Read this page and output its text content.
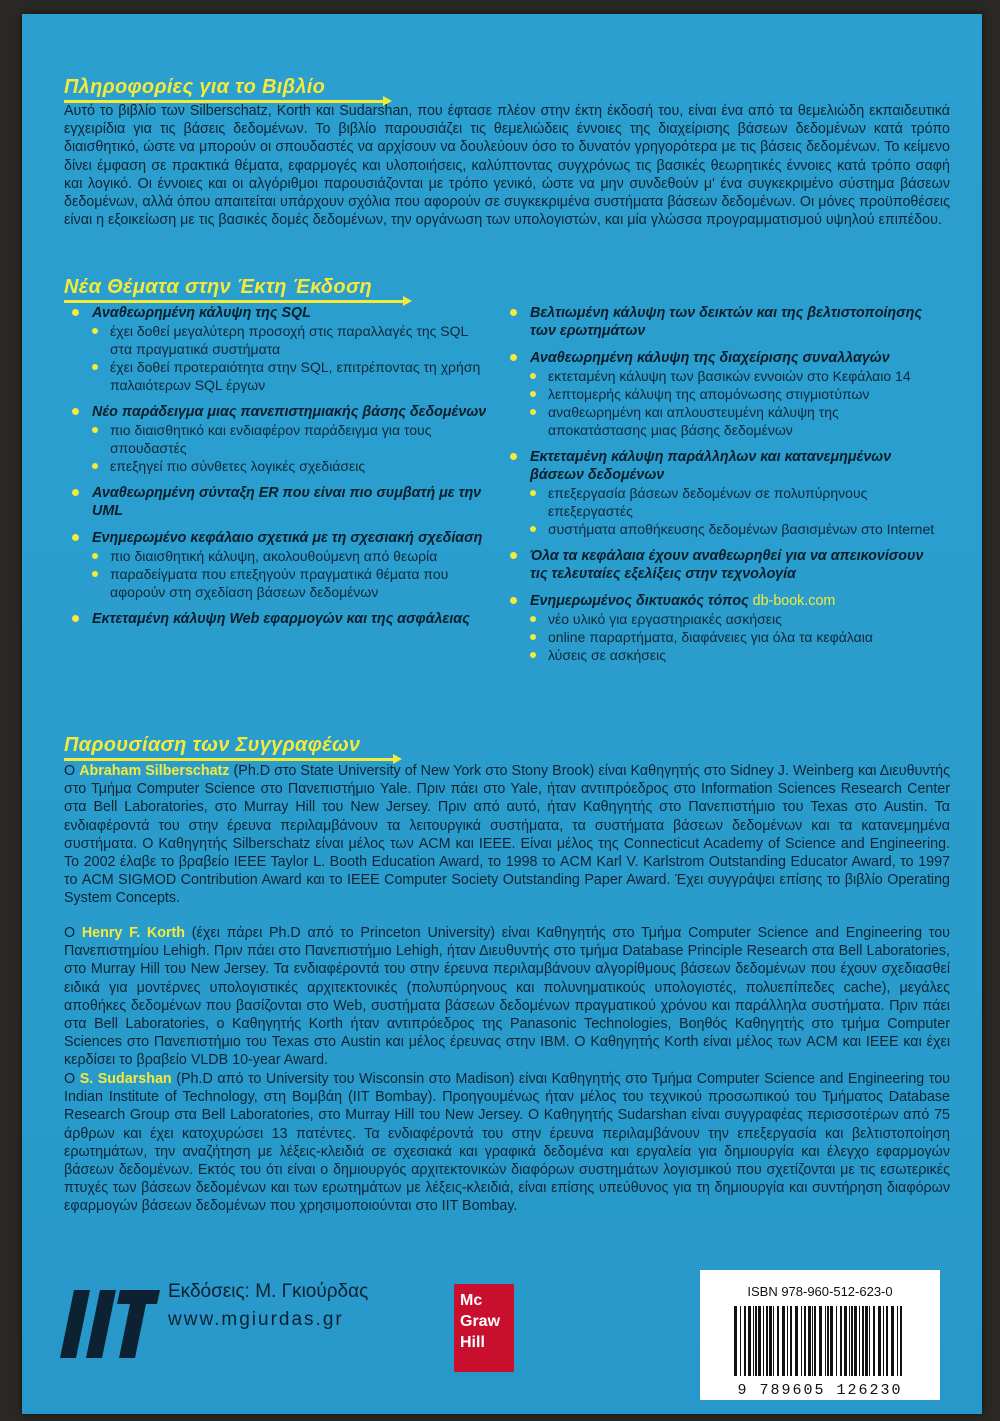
Πληροφορίες για το Βιβλίο
Αυτό το βιβλίο των Silberschatz, Korth και Sudarshan, που έφτασε πλέον στην έκτη έκδοσή του, είναι ένα από τα θεμελιώδη εκπαιδευτικά εγχειρίδια για τις βάσεις δεδομένων. Το βιβλίο παρουσιάζει τις θεμελιώδεις έννοιες της διαχείρισης βάσεων δεδομένων κατά τρόπο διαισθητικό, ώστε να μπορούν οι σπουδαστές να αρχίσουν να δουλεύουν όσο το δυνατόν γρηγορότερα με τις βάσεις δεδομένων. Το κείμενο δίνει έμφαση σε πρακτικά θέματα, εφαρμογές και υλοποιήσεις, καλύπτοντας συγχρόνως τις βασικές θεωρητικές έννοιες κατά τρόπο σαφή και λογικό. Οι έννοιες και οι αλγόριθμοι παρουσιάζονται με τρόπο γενικό, ώστε να μην συνδεθούν μ' ένα συγκεκριμένο σύστημα βάσεων δεδομένων, αλλά όπου απαιτείται υπάρχουν σχόλια που αφορούν σε συγκεκριμένα συστήματα βάσεων δεδομένων. Οι μόνες προϋποθέσεις είναι η εξοικείωση με τις βασικές δομές δεδομένων, την οργάνωση των υπολογιστών, και μία γλώσσα προγραμματισμού υψηλού επιπέδου.
Νέα Θέματα στην Έκτη Έκδοση
Αναθεωρημένη κάλυψη της SQL
έχει δοθεί μεγαλύτερη προσοχή στις παραλλαγές της SQL στα πραγματικά συστήματα
έχει δοθεί προτεραιότητα στην SQL, επιτρέποντας τη χρήση παλαιότερων SQL έργων
Νέο παράδειγμα μιας πανεπιστημιακής βάσης δεδομένων
πιο διαισθητικό και ενδιαφέρον παράδειγμα για τους σπουδαστές
επεξηγεί πιο σύνθετες λογικές σχεδιάσεις
Αναθεωρημένη σύνταξη ER που είναι πιο συμβατή με την UML
Ενημερωμένο κεφάλαιο σχετικά με τη σχεσιακή σχεδίαση
πιο διαισθητική κάλυψη, ακολουθούμενη από θεωρία
παραδείγματα που επεξηγούν πραγματικά θέματα που αφορούν στη σχεδίαση βάσεων δεδομένων
Εκτεταμένη κάλυψη Web εφαρμογών και της ασφάλειας
Βελτιωμένη κάλυψη των δεικτών και της βελτιστοποίησης των ερωτημάτων
Αναθεωρημένη κάλυψη της διαχείρισης συναλλαγών
εκτεταμένη κάλυψη των βασικών εννοιών στο Κεφάλαιο 14
λεπτομερής κάλυψη της απομόνωσης στιγμιοτύπων
αναθεωρημένη και απλουστευμένη κάλυψη της αποκατάστασης μιας βάσης δεδομένων
Εκτεταμένη κάλυψη παράλληλων και κατανεμημένων βάσεων δεδομένων
επεξεργασία βάσεων δεδομένων σε πολυπύρηνους επεξεργαστές
συστήματα αποθήκευσης δεδομένων βασισμένων στο Internet
Όλα τα κεφάλαια έχουν αναθεωρηθεί για να απεικονίσουν τις τελευταίες εξελίξεις στην τεχνολογία
Ενημερωμένος δικτυακός τόπος db-book.com
νέο υλικό για εργαστηριακές ασκήσεις
online παραρτήματα, διαφάνειες για όλα τα κεφάλαια
λύσεις σε ασκήσεις
Παρουσίαση των Συγγραφέων
Ο Abraham Silberschatz (Ph.D στο State University of New York στο Stony Brook) είναι Καθηγητής στο Sidney J. Weinberg και Διευθυντής στο Τμήμα Computer Science στο Πανεπιστήμιο Yale. Πριν πάει στο Yale, ήταν αντιπρόεδρος στο Information Sciences Research Center στα Bell Laboratories, στο Murray Hill του New Jersey. Πριν από αυτό, ήταν Καθηγητής στο Πανεπιστήμιο του Texas στο Austin. Τα ενδιαφέροντά του στην έρευνα περιλαμβάνουν τα λειτουργικά συστήματα, τα συστήματα βάσεων δεδομένων και τα κατανεμημένα συστήματα. Ο Καθηγητής Silberschatz είναι μέλος των ACM και IEEE. Είναι μέλος της Connecticut Academy of Science and Engineering. Το 2002 έλαβε το βραβείο IEEE Taylor L. Booth Education Award, το 1998 το ACM Karl V. Karlstrom Outstanding Educator Award, το 1997 το ACM SIGMOD Contribution Award και το IEEE Computer Society Outstanding Paper Award. Έχει συγγράψει επίσης το βιβλίο Operating System Concepts.
Ο Henry F. Korth (έχει πάρει Ph.D από το Princeton University) είναι Καθηγητής στο Τμήμα Computer Science and Engineering του Πανεπιστημίου Lehigh. Πριν πάει στο Πανεπιστήμιο Lehigh, ήταν Διευθυντής στο τμήμα Database Principle Research στα Bell Laboratories, στο Murray Hill του New Jersey. Τα ενδιαφέροντά του στην έρευνα περιλαμβάνουν αλγορίθμους βάσεων δεδομένων που έχουν σχεδιασθεί ειδικά για μοντέρνες υπολογιστικές αρχιτεκτονικές (πολυπύρηνους και πολυνηματικούς υπολογιστές, πολυεπίπεδες cache), μεγάλες αποθήκες δεδομένων που βασίζονται στο Web, συστήματα βάσεων δεδομένων πραγματικού χρόνου και παράλληλα συστήματα. Πριν πάει στα Bell Laboratories, ο Καθηγητής Korth ήταν αντιπρόεδρος της Panasonic Technologies, Βοηθός Καθηγητής στο τμήμα Computer Sciences στο Πανεπιστήμιο του Texas στο Austin και μέλος έρευνας στην IBM. Ο Καθηγητής Korth είναι μέλος των ACM και IEEE και έχει κερδίσει το βραβείο VLDB 10-year Award.
Ο S. Sudarshan (Ph.D από το University του Wisconsin στο Madison) είναι Καθηγητής στο Τμήμα Computer Science and Engineering του Indian Institute of Technology, στη Βομβάη (IIT Bombay). Προηγουμένως ήταν μέλος του τεχνικού προσωπικού του Τμήματος Database Research Group στα Bell Laboratories, στο Murray Hill του New Jersey. Ο Καθηγητής Sudarshan είναι συγγραφέας περισσοτέρων από 75 άρθρων και έχει κατοχυρώσει 13 πατέντες. Τα ενδιαφέροντά του στην έρευνα περιλαμβάνουν την επεξεργασία και βελτιστοποίηση ερωτημάτων, την αναζήτηση με λέξεις-κλειδιά σε σχεσιακά και γραφικά δεδομένα και εργαλεία για δημιουργία και έλεγχο εφαρμογών βάσεων δεδομένων. Εκτός του ότι είναι ο δημιουργός αρχιτεκτονικών διαφόρων συστημάτων λογισμικού που σχετίζονται με τις εσωτερικές πτυχές των βάσεων δεδομένων και των ερωτημάτων με λέξεις-κλειδιά, είναι επίσης υπεύθυνος για τη δημιουργία και συντήρηση διαφόρων εφαρμογών βάσεων δεδομένων που χρησιμοποιούνται στο IIT Bombay.
Εκδόσεις: Μ. Γκιούρδας
www.mgiurdas.gr
Mc
Graw
Hill
ISBN 978-960-512-623-0
9 789605 126230
